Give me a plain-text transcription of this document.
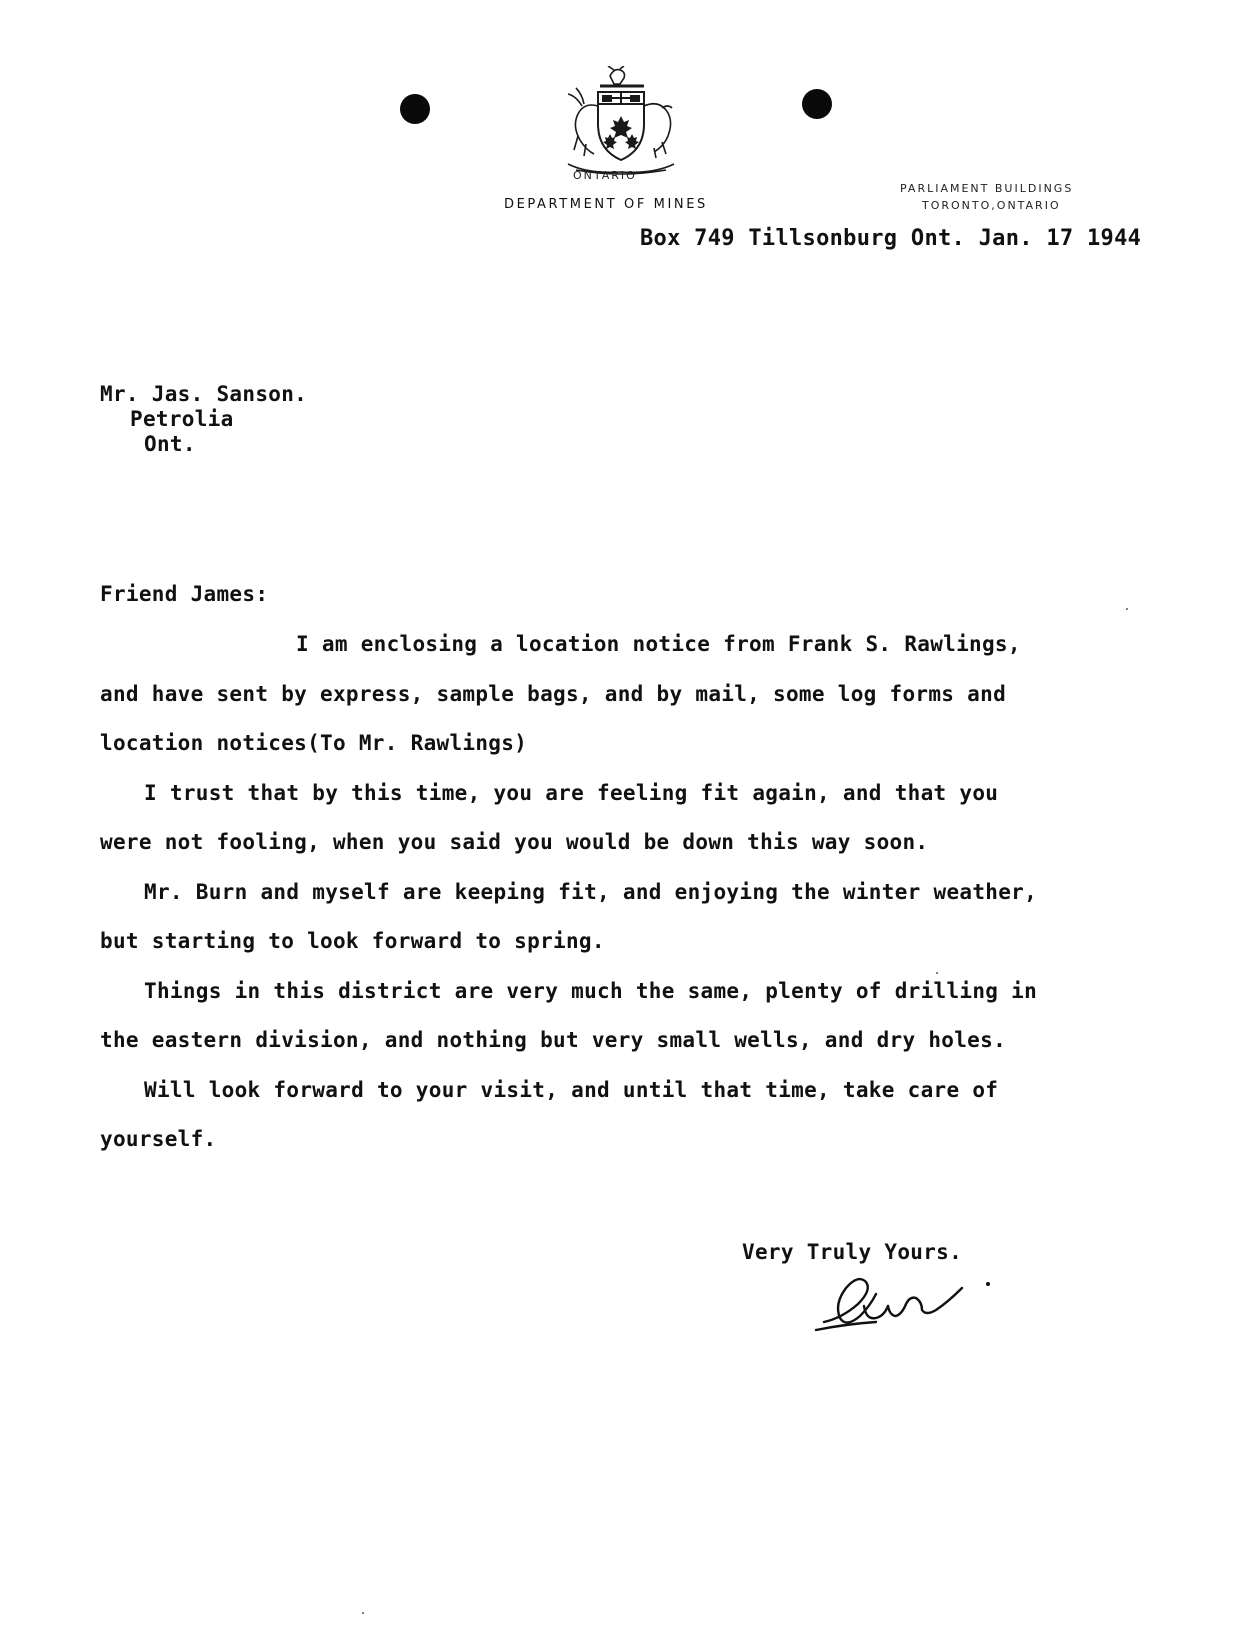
ONTARIO
DEPARTMENT OF MINES
PARLIAMENT BUILDINGS
TORONTO,ONTARIO
Box 749 Tillsonburg Ont. Jan. 17 1944
Mr. Jas. Sanson.
Petrolia
Ont.
Friend James:
I am enclosing a location notice from Frank S. Rawlings,
and have sent by express, sample bags, and by mail, some log forms and
location notices(To Mr. Rawlings)
I trust that by this time, you are feeling fit again, and that you
were not fooling, when you said you would be down this way soon.
Mr. Burn and myself are keeping fit, and enjoying the winter weather,
but starting to look forward to spring.
Things in this district are very much the same, plenty of drilling in
the eastern division, and nothing but very small wells, and dry holes.
Will look forward to your visit, and until that time, take care of
yourself.
Very Truly Yours.
